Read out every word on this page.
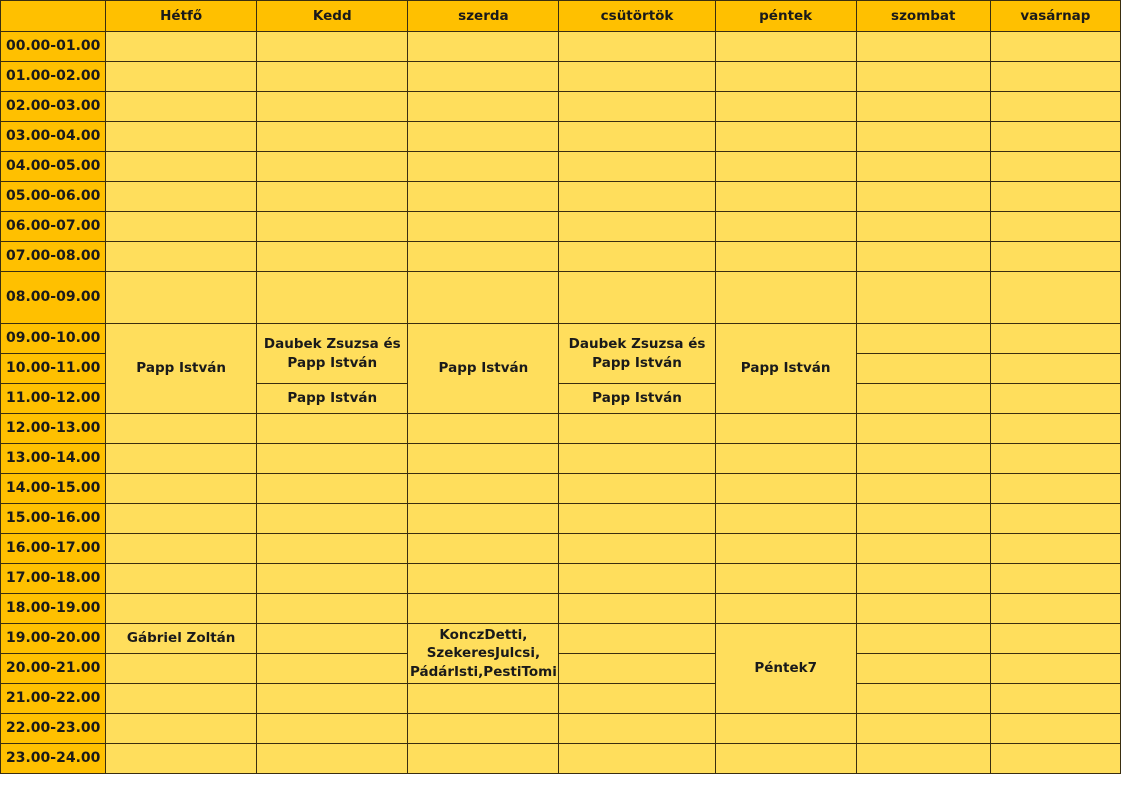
	Hétfő	Kedd	szerda	csütörtök	péntek	szombat	vasárnap
00.00-01.00							
01.00-02.00							
02.00-03.00							
03.00-04.00							
04.00-05.00							
05.00-06.00							
06.00-07.00							
07.00-08.00							
08.00-09.00							
09.00-10.00	Papp István	Daubek Zsuzsa és Papp István	Papp István	Daubek Zsuzsa és Papp István	Papp István		
10.00-11.00							
11.00-12.00		Papp István		Papp István			
12.00-13.00							
13.00-14.00							
14.00-15.00							
15.00-16.00							
16.00-17.00							
17.00-18.00							
18.00-19.00							
19.00-20.00	Gábriel Zoltán		KonczDetti, SzekeresJulcsi, PádárIsti,PestiTomi		Péntek7		
20.00-21.00							
21.00-22.00							
22.00-23.00							
23.00-24.00							
